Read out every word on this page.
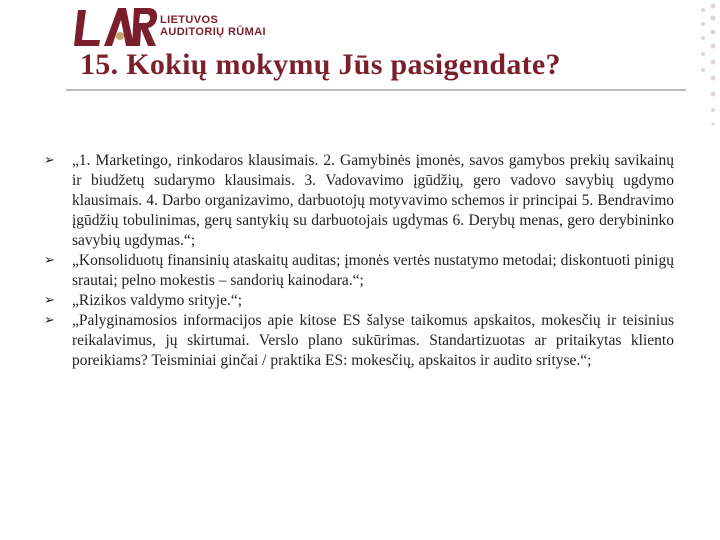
LIETUVOS
AUDITORIŲ RŪMAI
15. Kokių mokymų Jūs pasigendate?
➢ „1. Marketingo, rinkodaros klausimais. 2. Gamybinės įmonės, savos gamybos prekių savikainų ir biudžetų sudarymo klausimais. 3. Vadovavimo įgūdžių, gero vadovo savybių ugdymo klausimais. 4. Darbo organizavimo, darbuotojų motyvavimo schemos ir principai 5. Bendravimo įgūdžių tobulinimas, gerų santykių su darbuotojais ugdymas 6. Derybų menas, gero derybininko savybių ugdymas.“;
➢ „Konsoliduotų finansinių ataskaitų auditas; įmonės vertės nustatymo metodai; diskontuoti pinigų srautai; pelno mokestis – sandorių kainodara.“;
➢ „Rizikos valdymo srityje.“;
➢ „Palyginamosios informacijos apie kitose ES šalyse taikomus apskaitos, mokesčių ir teisinius reikalavimus, jų skirtumai. Verslo plano sukūrimas. Standartizuotas ar pritaikytas kliento poreikiams? Teisminiai ginčai / praktika ES: mokesčių, apskaitos ir audito srityse.“;
